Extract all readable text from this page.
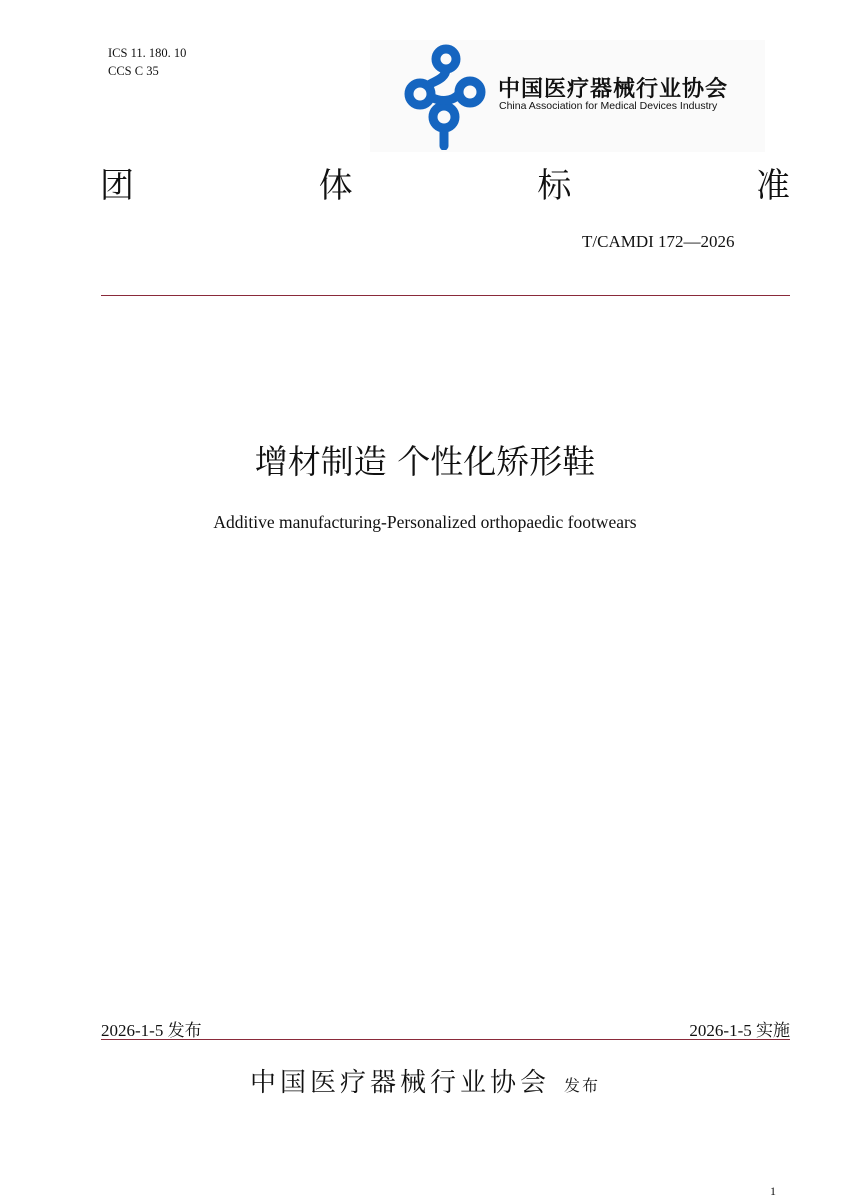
ICS 11. 180. 10
CCS C 35
中国医疗器械行业协会
China Association for Medical Devices Industry
团	体	标	准
T/CAMDI 172—2026
增材制造 个性化矫形鞋
Additive manufacturing-Personalized orthopaedic footwears
2026-1-5 发布	2026-1-5 实施
中国医疗器械行业协会 发布
1
